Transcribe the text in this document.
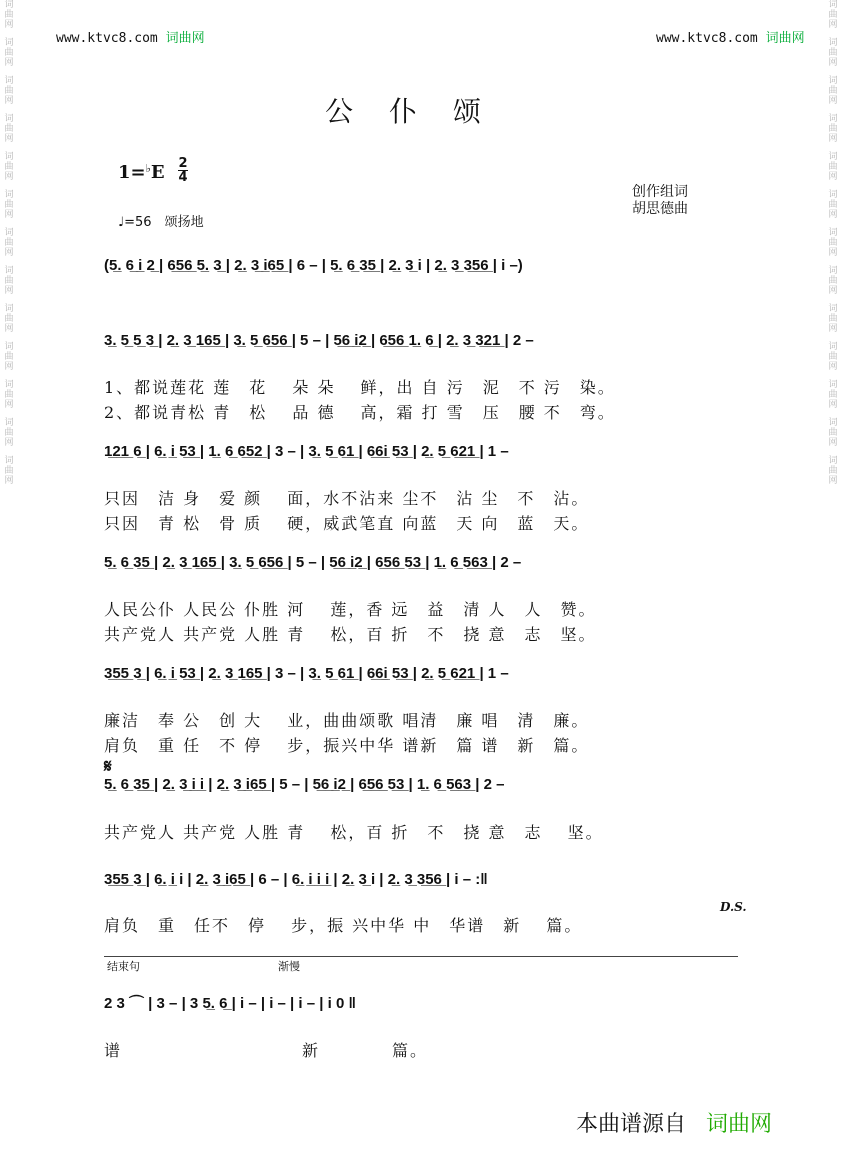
词
曲
网
词
曲
网
词
曲
网
词
曲
网
词
曲
网
词
曲
网
词
曲
网
词
曲
网
词
曲
网
词
曲
网
词
曲
网
词
曲
网
词
曲
网
词
曲
网
词
曲
网
词
曲
网
词
曲
网
词
曲
网
词
曲
网
词
曲
网
词
曲
网
词
曲
网
词
曲
网
词
曲
网
词
曲
网
词
曲
网
www.ktvc8.com 词曲网	www.ktvc8.com 词曲网
公仆颂
1=♭E 2
4
♩=56　颂扬地
创作组词
胡思德曲
(5̲. 6̲ i̲ 2̲ | 6̲5̲6̲ 5̲. 3̲ | 2̲. 3̲ i̲6̲5̲ | 6 – | 5̲. 6̲ 3̲5̲ | 2̲. 3̲ i | 2̲. 3̲ 3̲5̲6̲ | i –)
3̲. 5̲ 5̲ 3̲ | 2̲. 3̲ 1̲6̲5̲ | 3̲. 5̲ 6̲5̲6̲ | 5 – | 5̲6̲ i̲2̲ | 6̲5̲6̲ 1̲. 6̲ | 2̲. 3̲ 3̲2̲1̲ | 2 –
1、都说莲花 莲　花　 朵 朵　 鲜，出 自 污　泥　不 污　染。
2、都说青松 青　松　 品 德　 高，霜 打 雪　压　腰 不　弯。
1̲2̲1̲ 6̲ | 6̲. i̲ 5̲3̲ | 1̲. 6̲ 6̲5̲2̲ | 3 – | 3̲. 5̲ 6̲1̲ | 6̲6̲i̲ 5̲3̲ | 2̲. 5̲ 6̲2̲1̲ | 1 –
只因　洁 身　爱 颜　 面，水不沾来 尘不　沾 尘　不　沾。
只因　青 松　骨 质　 硬，威武笔直 向蓝　天 向　蓝　天。
5̲. 6̲ 3̲5̲ | 2̲. 3̲ 1̲6̲5̲ | 3̲. 5̲ 6̲5̲6̲ | 5 – | 5̲6̲ i̲2̲ | 6̲5̲6̲ 5̲3̲ | 1̲. 6̲ 5̲6̲3̲ | 2 –
人民公仆 人民公 仆胜 河　 莲，香 远　益　清 人　人　赞。
共产党人 共产党 人胜 青　 松，百 折　不　挠 意　志　坚。
3̲5̲5̲ 3̲ | 6̲. i̲ 5̲3̲ | 2̲. 3̲ 1̲6̲5̲ | 3 – | 3̲. 5̲ 6̲1̲ | 6̲6̲i̲ 5̲3̲ | 2̲. 5̲ 6̲2̲1̲ | 1 –
廉洁　奉 公　创 大　 业，曲曲颂歌 唱清　廉 唱　清　廉。
肩负　重 任　不 停　 步，振兴中华 谱新　篇 谱　新　篇。
𝄋
5̲. 6̲ 3̲5̲ | 2̲. 3̲ i̲ i̲ | 2̲. 3̲ i̲6̲5̲ | 5 – | 5̲6̲ i̲2̲ | 6̲5̲6̲ 5̲3̲ | 1̲. 6̲ 5̲6̲3̲ | 2 –
共产党人 共产党 人胜 青　 松，百 折　不　挠 意　志　 坚。
3̲5̲5̲ 3̲ | 6̲. i̲ i | 2̲. 3̲ i̲6̲5̲ | 6 – | 6̲. i̲ i̲ i̲ | 2̲. 3̲ i | 2̲. 3̲ 3̲5̲6̲ | i – :‖
D.S.
肩负　重　任不　停　 步，振 兴中华 中　华谱　新　 篇。
结束句	渐慢
2 3 ⌒ | 3 – | 3 5̲. 6̲ | i – | i – | i – | i 0 ‖
谱　　　　　　　　　　新　　　　篇。
本曲谱源自 词曲网
